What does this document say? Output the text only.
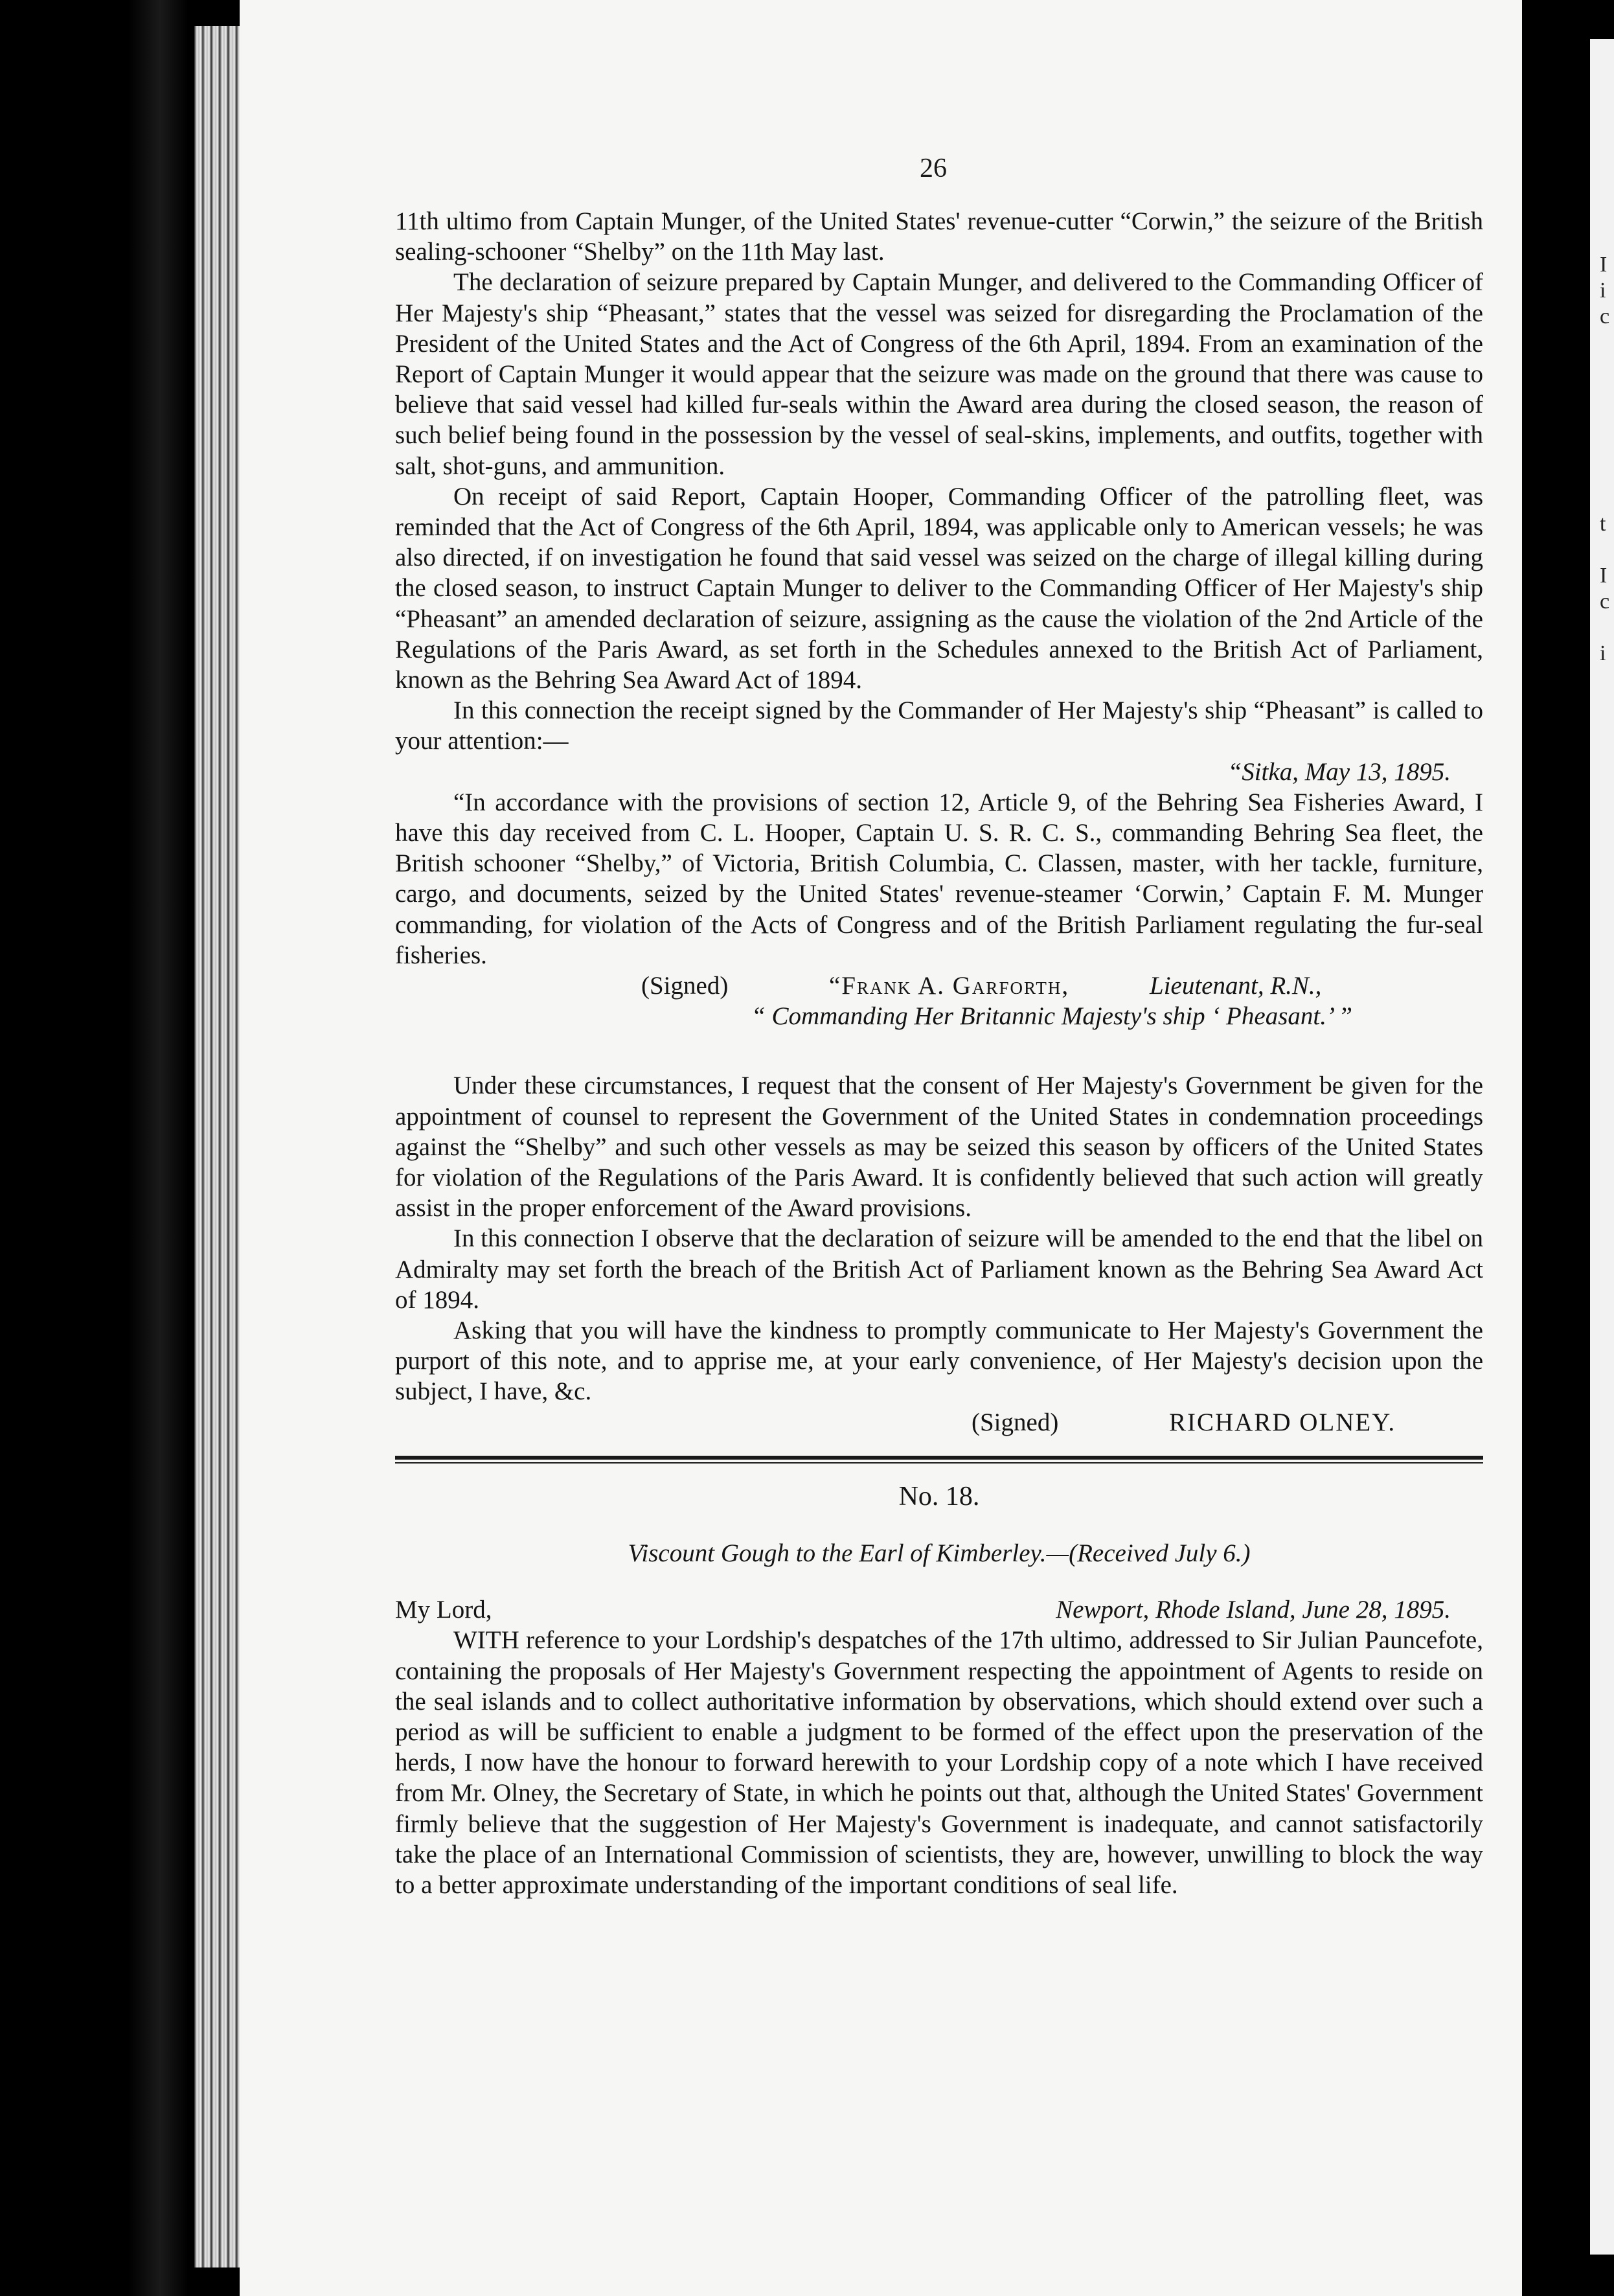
I
i
c
t
I
c
i
26

11th ultimo from Captain Munger, of the United States' revenue-cutter “Corwin,” the seizure of the British sealing-schooner “Shelby” on the 11th May last.

The declaration of seizure prepared by Captain Munger, and delivered to the Commanding Officer of Her Majesty's ship “Pheasant,” states that the vessel was seized for disregarding the Proclamation of the President of the United States and the Act of Congress of the 6th April, 1894. From an examination of the Report of Captain Munger it would appear that the seizure was made on the ground that there was cause to believe that said vessel had killed fur-seals within the Award area during the closed season, the reason of such belief being found in the possession by the vessel of seal-skins, implements, and outfits, together with salt, shot-guns, and ammunition.

On receipt of said Report, Captain Hooper, Commanding Officer of the patrolling fleet, was reminded that the Act of Congress of the 6th April, 1894, was applicable only to American vessels; he was also directed, if on investigation he found that said vessel was seized on the charge of illegal killing during the closed season, to instruct Captain Munger to deliver to the Commanding Officer of Her Majesty's ship “Pheasant” an amended declaration of seizure, assigning as the cause the violation of the 2nd Article of the Regulations of the Paris Award, as set forth in the Schedules annexed to the British Act of Parliament, known as the Behring Sea Award Act of 1894.

In this connection the receipt signed by the Commander of Her Majesty's ship “Pheasant” is called to your attention:—

“Sitka, May 13, 1895.

“In accordance with the provisions of section 12, Article 9, of the Behring Sea Fisheries Award, I have this day received from C. L. Hooper, Captain U. S. R. C. S., commanding Behring Sea fleet, the British schooner “Shelby,” of Victoria, British Columbia, C. Classen, master, with her tackle, furniture, cargo, and documents, seized by the United States' revenue-steamer ‘Corwin,’ Captain F. M. Munger commanding, for violation of the Acts of Congress and of the British Parliament regulating the fur-seal fisheries.

(Signed)	“Frank A. Garforth,	Lieutenant, R.N.,
“ Commanding Her Britannic Majesty's ship ‘ Pheasant.’ ”

Under these circumstances, I request that the consent of Her Majesty's Government be given for the appointment of counsel to represent the Government of the United States in condemnation proceedings against the “Shelby” and such other vessels as may be seized this season by officers of the United States for violation of the Regulations of the Paris Award. It is confidently believed that such action will greatly assist in the proper enforcement of the Award provisions.

In this connection I observe that the declaration of seizure will be amended to the end that the libel on Admiralty may set forth the breach of the British Act of Parliament known as the Behring Sea Award Act of 1894.

Asking that you will have the kindness to promptly communicate to Her Majesty's Government the purport of this note, and to apprise me, at your early convenience, of Her Majesty's decision upon the subject, I have, &c.

(Signed)	RICHARD OLNEY.

No. 18.

Viscount Gough to the Earl of Kimberley.—(Received July 6.)

My Lord,	Newport, Rhode Island, June 28, 1895.

WITH reference to your Lordship's despatches of the 17th ultimo, addressed to Sir Julian Pauncefote, containing the proposals of Her Majesty's Government respecting the appointment of Agents to reside on the seal islands and to collect authoritative information by observations, which should extend over such a period as will be sufficient to enable a judgment to be formed of the effect upon the preservation of the herds, I now have the honour to forward herewith to your Lordship copy of a note which I have received from Mr. Olney, the Secretary of State, in which he points out that, although the United States' Government firmly believe that the suggestion of Her Majesty's Government is inadequate, and cannot satisfactorily take the place of an International Commission of scientists, they are, however, unwilling to block the way to a better approximate understanding of the important conditions of seal life.
